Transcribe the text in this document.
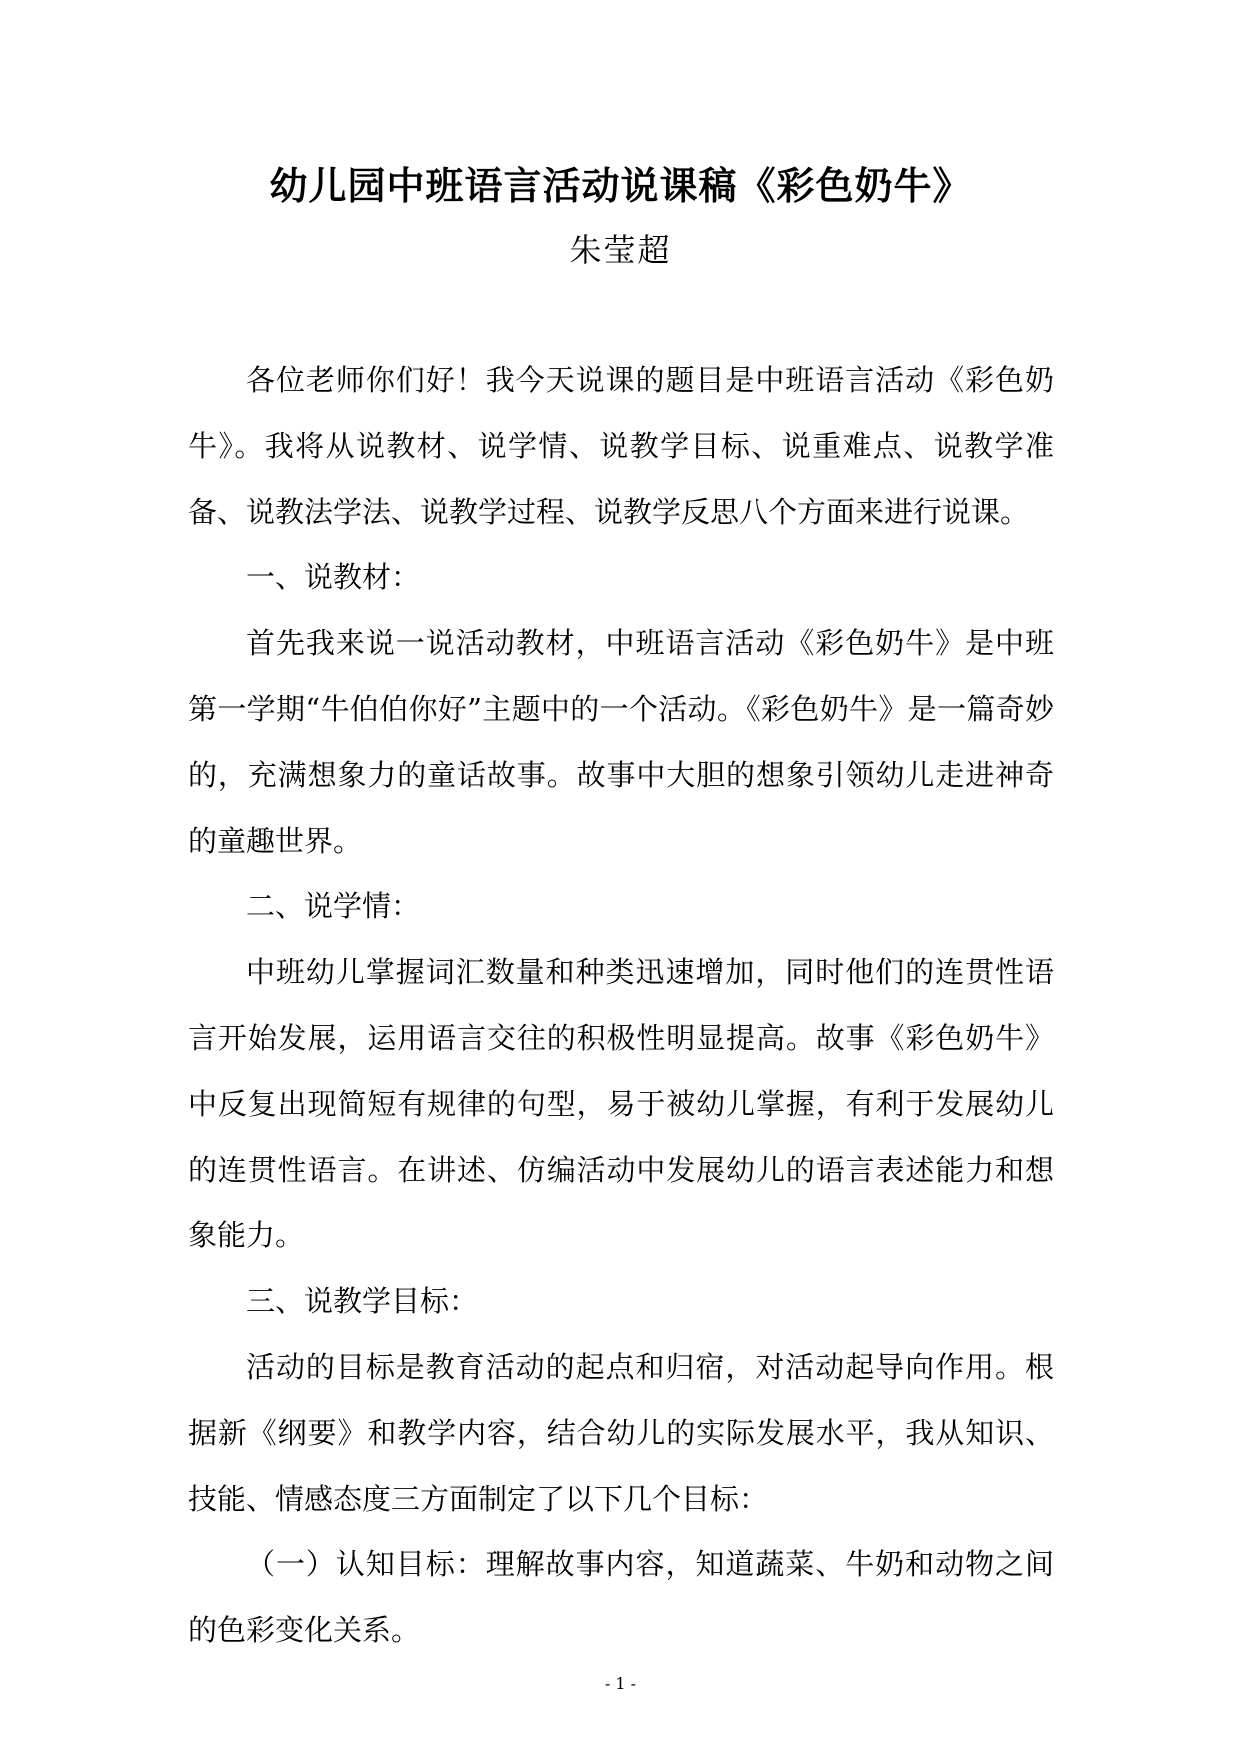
幼儿园中班语言活动说课稿《彩色奶牛》
朱莹超

各位老师你们好！我今天说课的题目是中班语言活动《彩色奶牛》。我将从说教材、说学情、说教学目标、说重难点、说教学准备、说教法学法、说教学过程、说教学反思八个方面来进行说课。

一、说教材：

首先我来说一说活动教材，中班语言活动《彩色奶牛》是中班第一学期“牛伯伯你好”主题中的一个活动。《彩色奶牛》是一篇奇妙的，充满想象力的童话故事。故事中大胆的想象引领幼儿走进神奇的童趣世界。

二、说学情：

中班幼儿掌握词汇数量和种类迅速增加，同时他们的连贯性语言开始发展，运用语言交往的积极性明显提高。故事《彩色奶牛》中反复出现简短有规律的句型，易于被幼儿掌握，有利于发展幼儿的连贯性语言。在讲述、仿编活动中发展幼儿的语言表述能力和想象能力。

三、说教学目标：

活动的目标是教育活动的起点和归宿，对活动起导向作用。根据新《纲要》和教学内容，结合幼儿的实际发展水平，我从知识、技能、情感态度三方面制定了以下几个目标：

（一）认知目标：理解故事内容，知道蔬菜、牛奶和动物之间的色彩变化关系。

- 1 -
